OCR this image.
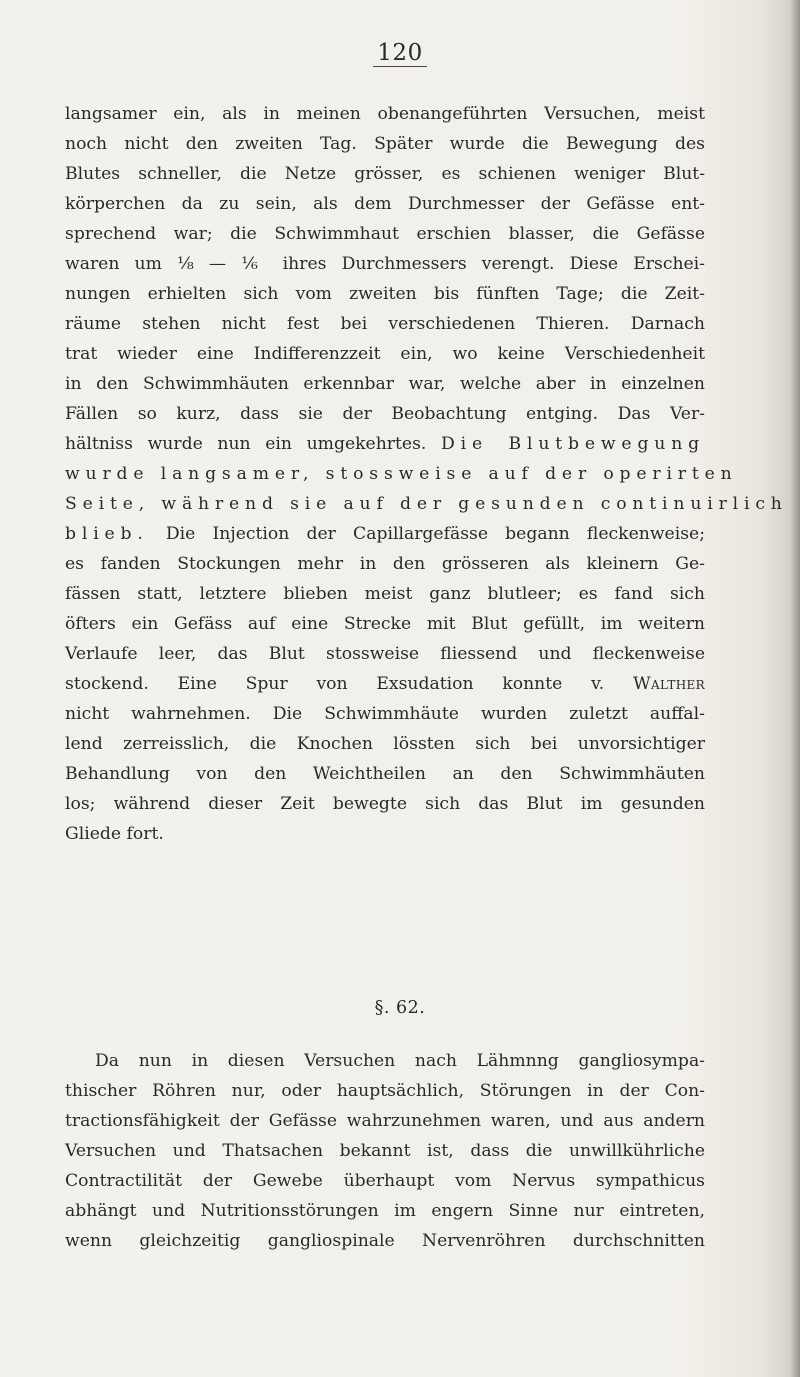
120
langsamer ein, als in meinen obenangeführten Versuchen, meist
noch nicht den zweiten Tag. Später wurde die Bewegung des
Blutes schneller, die Netze grösser, es schienen weniger Blut-
körperchen da zu sein, als dem Durchmesser der Gefässe ent-
sprechend war; die Schwimmhaut erschien blasser, die Gefässe
waren um ⅛ — ⅙ ihres Durchmessers verengt. Diese Erschei-
nungen erhielten sich vom zweiten bis fünften Tage; die Zeit-
räume stehen nicht fest bei verschiedenen Thieren. Darnach
trat wieder eine Indifferenzzeit ein, wo keine Verschiedenheit
in den Schwimmhäuten erkennbar war, welche aber in einzelnen
Fällen so kurz, dass sie der Beobachtung entging. Das Ver-
hältniss wurde nun ein umgekehrtes. Die Blutbewegung
wurde langsamer, stossweise auf der operirten
Seite, während sie auf der gesunden continuirlich
blieb. Die Injection der Capillargefässe begann fleckenweise;
es fanden Stockungen mehr in den grösseren als kleinern Ge-
fässen statt, letztere blieben meist ganz blutleer; es fand sich
öfters ein Gefäss auf eine Strecke mit Blut gefüllt, im weitern
Verlaufe leer, das Blut stossweise fliessend und fleckenweise
stockend. Eine Spur von Exsudation konnte v. Walther
nicht wahrnehmen. Die Schwimmhäute wurden zuletzt auffal-
lend zerreisslich, die Knochen lössten sich bei unvorsichtiger
Behandlung von den Weichtheilen an den Schwimmhäuten
los; während dieser Zeit bewegte sich das Blut im gesunden
Gliede fort.
§. 62.
Da nun in diesen Versuchen nach Lähmnng gangliosympa-
thischer Röhren nur, oder hauptsächlich, Störungen in der Con-
tractionsfähigkeit der Gefässe wahrzunehmen waren, und aus andern
Versuchen und Thatsachen bekannt ist, dass die unwillkührliche
Contractilität der Gewebe überhaupt vom Nervus sympathicus
abhängt und Nutritionsstörungen im engern Sinne nur eintreten,
wenn gleichzeitig gangliospinale Nervenröhren durchschnitten
